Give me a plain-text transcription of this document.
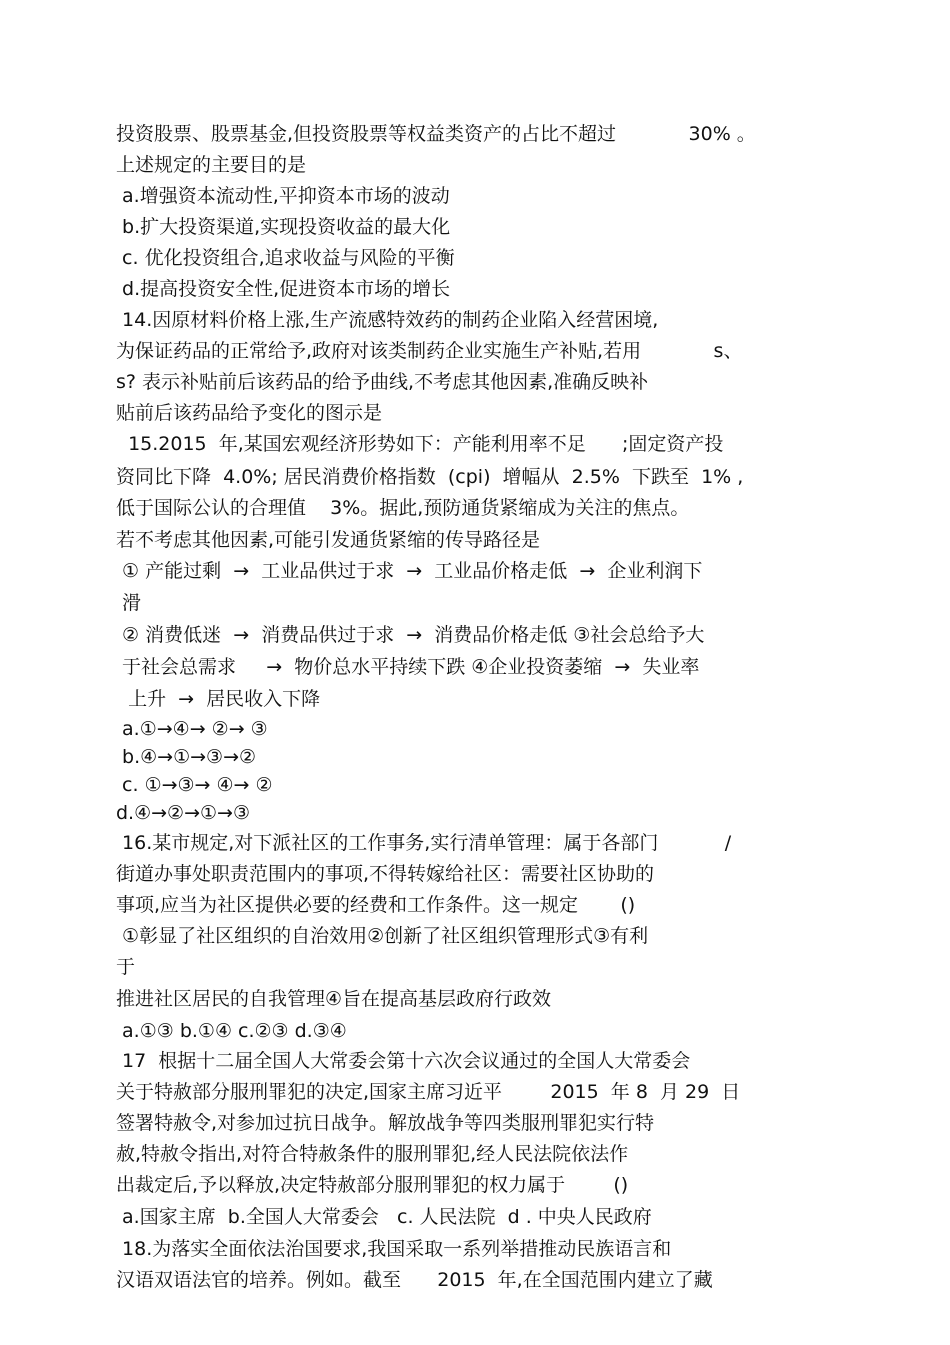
投资股票、股票基金,但投资股票等权益类资产的占比不超过            30% 。
上述规定的主要目的是
a.增强资本流动性,平抑资本市场的波动
b.扩大投资渠道,实现投资收益的最大化
c. 优化投资组合,追求收益与风险的平衡
d.提高投资安全性,促进资本市场的增长
14.因原材料价格上涨,生产流感特效药的制药企业陷入经营困境,
为保证药品的正常给予,政府对该类制药企业实施生产补贴,若用            s、
s? 表示补贴前后该药品的给予曲线,不考虑其他因素,准确反映补
贴前后该药品给予变化的图示是
15.2015  年,某国宏观经济形势如下：产能利用率不足      ;固定资产投
资同比下降  4.0%; 居民消费价格指数  (cpi)  增幅从  2.5%  下跌至  1% ,
低于国际公认的合理值    3%。据此,预防通货紧缩成为关注的焦点。
若不考虑其他因素,可能引发通货紧缩的传导路径是
① 产能过剩  →  工业品供过于求  →  工业品价格走低  →  企业利润下
滑
② 消费低迷  →  消费品供过于求  →  消费品价格走低 ③社会总给予大
于社会总需求     →  物价总水平持续下跌 ④企业投资萎缩  →  失业率
上升  →  居民收入下降
a.①→④→ ②→ ③
b.④→①→③→②
c. ①→③→ ④→ ②
d.④→②→①→③
16.某市规定,对下派社区的工作事务,实行清单管理：属于各部门           /
街道办事处职责范围内的事项,不得转嫁给社区：需要社区协助的
事项,应当为社区提供必要的经费和工作条件。这一规定       ()
①彰显了社区组织的自治效用②创新了社区组织管理形式③有利
于
推进社区居民的自我管理④旨在提高基层政府行政效
a.①③ b.①④ c.②③ d.③④
17  根据十二届全国人大常委会第十六次会议通过的全国人大常委会
关于特赦部分服刑罪犯的决定,国家主席习近平        2015  年 8  月 29  日
签署特赦令,对参加过抗日战争。解放战争等四类服刑罪犯实行特
赦,特赦令指出,对符合特赦条件的服刑罪犯,经人民法院依法作
出裁定后,予以释放,决定特赦部分服刑罪犯的权力属于        ()
a.国家主席  b.全国人大常委会   c. 人民法院  d . 中央人民政府
18.为落实全面依法治国要求,我国采取一系列举措推动民族语言和
汉语双语法官的培养。例如。截至      2015  年,在全国范围内建立了藏
